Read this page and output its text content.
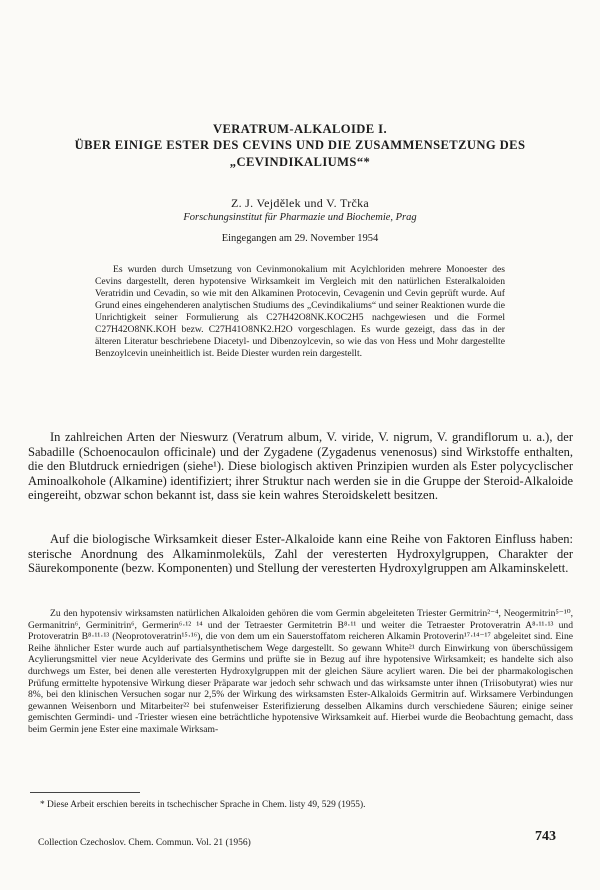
VERATRUM-ALKALOIDE I.
ÜBER EINIGE ESTER DES CEVINS UND DIE ZUSAMMENSETZUNG DES
„CEVINDIKALIUMS“*
Z. J. Vejdělek und V. Trčka
Forschungsinstitut für Pharmazie und Biochemie, Prag
Eingegangen am 29. November 1954

Es wurden durch Umsetzung von Cevinmonokalium mit Acylchloriden mehrere Monoester des Cevins dargestellt, deren hypotensive Wirksamkeit im Vergleich mit den natürlichen Esteralkaloiden Veratridin und Cevadin, so wie mit den Alkaminen Protocevin, Cevagenin und Cevin geprüft wurde. Auf Grund eines eingehenderen analytischen Studiums des „Cevindikaliums“ und seiner Reaktionen wurde die Unrichtigkeit seiner Formulierung als C27H42O8NK.KOC2H5 nachgewiesen und die Formel C27H42O8NK.KOH bezw. C27H41O8NK2.H2O vorgeschlagen. Es wurde gezeigt, dass das in der älteren Literatur beschriebene Diacetyl- und Dibenzoylcevin, so wie das von Hess und Mohr dargestellte Benzoylcevin uneinheitlich ist. Beide Diester wurden rein dargestellt.

In zahlreichen Arten der Nieswurz (Veratrum album, V. viride, V. nigrum, V. grandiflorum u. a.), der Sabadille (Schoenocaulon officinale) und der Zygadene (Zygadenus venenosus) sind Wirkstoffe enthalten, die den Blutdruck erniedrigen (siehe¹). Diese biologisch aktiven Prinzipien wurden als Ester polycyclischer Aminoalkohole (Alkamine) identifiziert; ihrer Struktur nach werden sie in die Gruppe der Steroid-Alkaloide eingereiht, obzwar schon bekannt ist, dass sie kein wahres Steroidskelett besitzen.

Auf die biologische Wirksamkeit dieser Ester-Alkaloide kann eine Reihe von Faktoren Einfluss haben: sterische Anordnung des Alkaminmoleküls, Zahl der veresterten Hydroxylgruppen, Charakter der Säurekomponente (bezw. Komponenten) und Stellung der veresterten Hydroxylgruppen am Alkaminskelett.

Zu den hypotensiv wirksamsten natürlichen Alkaloiden gehören die vom Germin abgeleiteten Triester Germitrin²⁻⁴, Neogermitrin⁵⁻¹⁰, Germanitrin⁶, Germinitrin⁶, Germerin⁶·¹² ¹⁴ und der Tetraester Germitetrin B⁸·¹¹ und weiter die Tetraester Protoveratrin A⁸·¹¹·¹³ und Protoveratrin B⁸·¹¹·¹³ (Neoprotoveratrin¹⁵·¹⁶), die von dem um ein Sauerstoffatom reicheren Alkamin Protoverin¹⁷·¹⁴⁻¹⁷ abgeleitet sind. Eine Reihe ähnlicher Ester wurde auch auf partialsynthetischem Wege dargestellt. So gewann White²¹ durch Einwirkung von überschüssigem Acylierungsmittel vier neue Acylderivate des Germins und prüfte sie in Bezug auf ihre hypotensive Wirksamkeit; es handelte sich also durchwegs um Ester, bei denen alle veresterten Hydroxylgruppen mit der gleichen Säure acyliert waren. Die bei der pharmakologischen Prüfung ermittelte hypotensive Wirkung dieser Präparate war jedoch sehr schwach und das wirksamste unter ihnen (Triisobutyrat) wies nur 8%, bei den klinischen Versuchen sogar nur 2,5% der Wirkung des wirksamsten Ester-Alkaloids Germitrin auf. Wirksamere Verbindungen gewannen Weisenborn und Mitarbeiter²² bei stufenweiser Esterifizierung desselben Alkamins durch verschiedene Säuren; einige seiner gemischten Germindi- und -Triester wiesen eine beträchtliche hypotensive Wirksamkeit auf. Hierbei wurde die Beobachtung gemacht, dass beim Germin jene Ester eine maximale Wirksam-

* Diese Arbeit erschien bereits in tschechischer Sprache in Chem. listy 49, 529 (1955).
Collection Czechoslov. Chem. Commun. Vol. 21 (1956)	743
